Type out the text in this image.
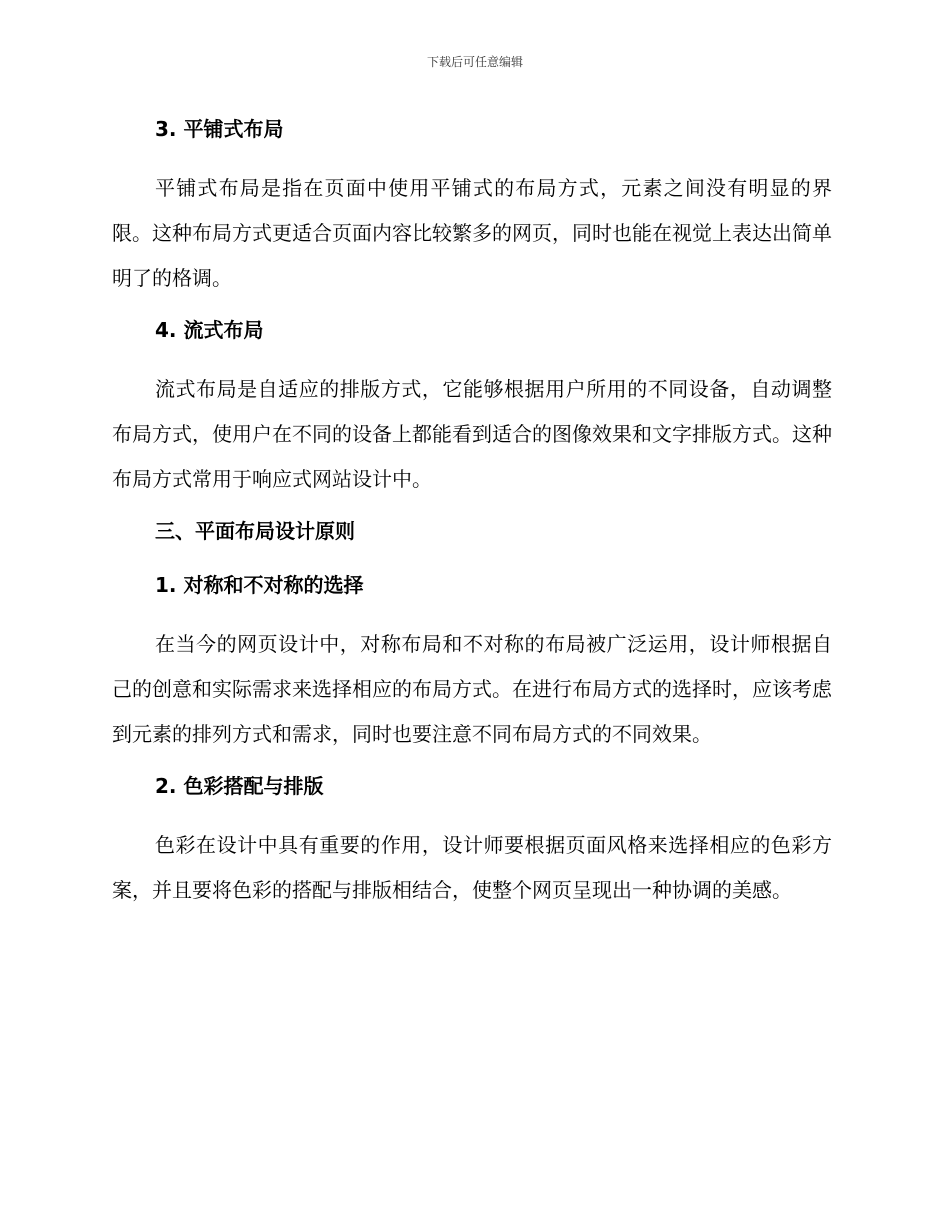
下载后可任意编辑
3. 平铺式布局

平铺式布局是指在页面中使用平铺式的布局方式，元素之间没有明显的界限。这种布局方式更适合页面内容比较繁多的网页，同时也能在视觉上表达出简单明了的格调。

4. 流式布局

流式布局是自适应的排版方式，它能够根据用户所用的不同设备，自动调整布局方式，使用户在不同的设备上都能看到适合的图像效果和文字排版方式。这种布局方式常用于响应式网站设计中。

三、平面布局设计原则
1. 对称和不对称的选择

在当今的网页设计中，对称布局和不对称的布局被广泛运用，设计师根据自己的创意和实际需求来选择相应的布局方式。在进行布局方式的选择时，应该考虑到元素的排列方式和需求，同时也要注意不同布局方式的不同效果。

2. 色彩搭配与排版

色彩在设计中具有重要的作用，设计师要根据页面风格来选择相应的色彩方案，并且要将色彩的搭配与排版相结合，使整个网页呈现出一种协调的美感。
